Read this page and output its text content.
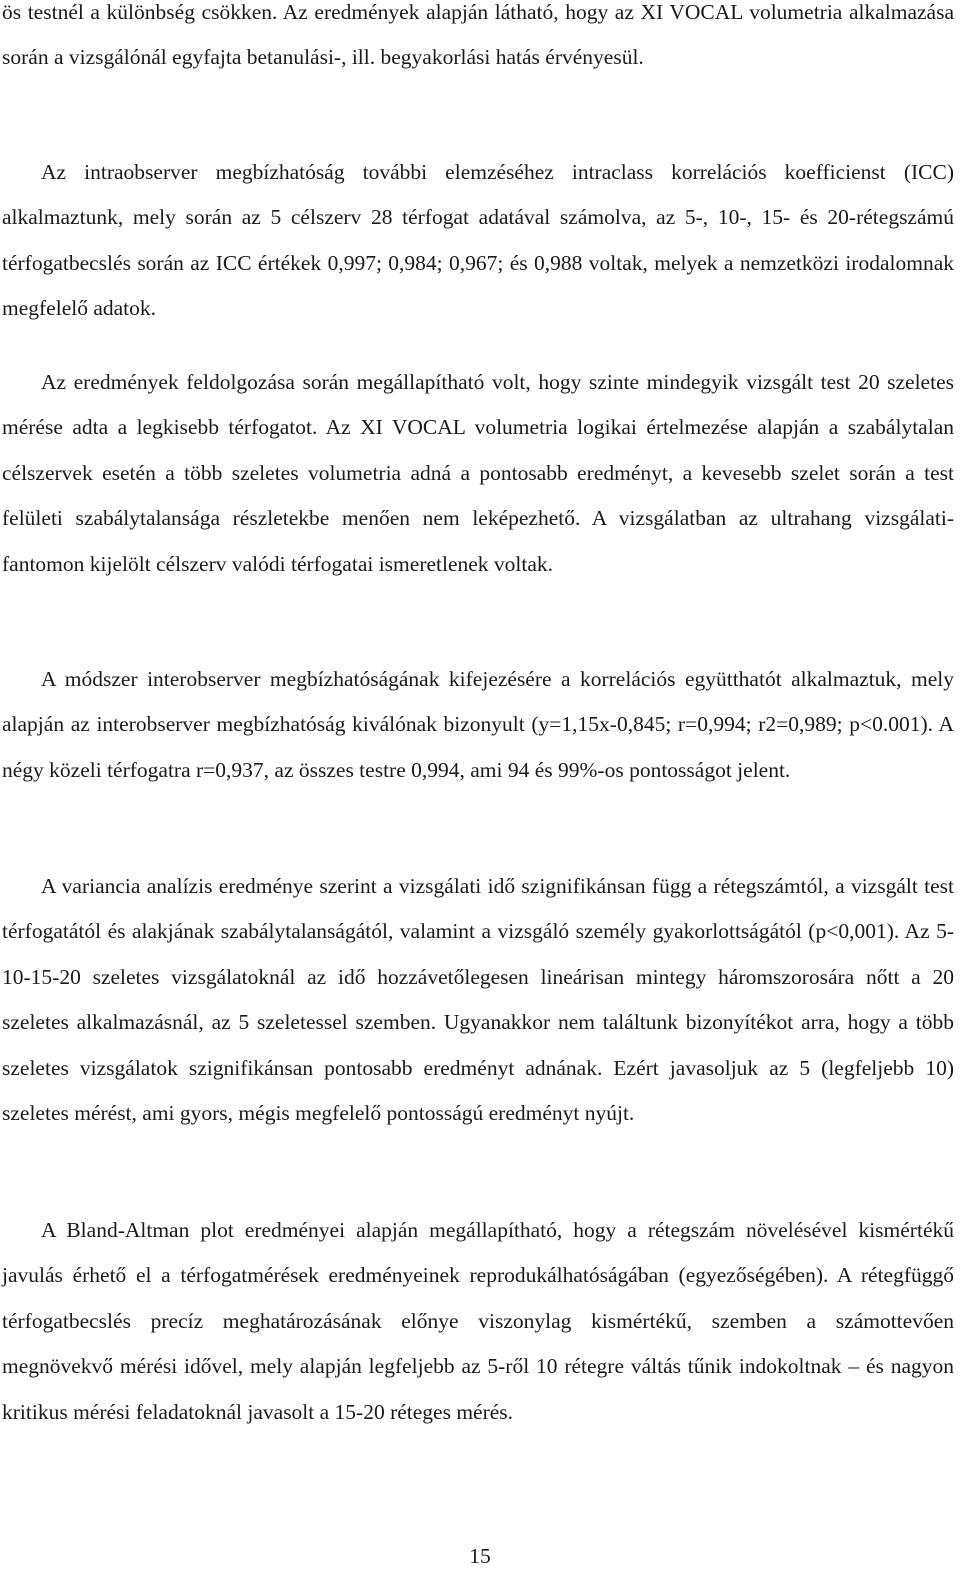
ös testnél a különbség csökken. Az eredmények alapján látható, hogy az XI VOCAL volumetria alkalmazása során a vizsgálónál egyfajta betanulási-, ill. begyakorlási hatás érvényesül.

Az intraobserver megbízhatóság további elemzéséhez intraclass korrelációs koefficienst (ICC) alkalmaztunk, mely során az 5 célszerv 28 térfogat adatával számolva, az 5-, 10-, 15- és 20-rétegszámú térfogatbecslés során az ICC értékek 0,997; 0,984; 0,967; és 0,988 voltak, melyek a nemzetközi irodalomnak megfelelő adatok.

Az eredmények feldolgozása során megállapítható volt, hogy szinte mindegyik vizsgált test 20 szeletes mérése adta a legkisebb térfogatot. Az XI VOCAL volumetria logikai értelmezése alapján a szabálytalan célszervek esetén a több szeletes volumetria adná a pontosabb eredményt, a kevesebb szelet során a test felületi szabálytalansága részletekbe menően nem leképezhető. A vizsgálatban az ultrahang vizsgálati-fantomon kijelölt célszerv valódi térfogatai ismeretlenek voltak.

A módszer interobserver megbízhatóságának kifejezésére a korrelációs együtthatót alkalmaztuk, mely alapján az interobserver megbízhatóság kiválónak bizonyult (y=1,15x-0,845; r=0,994; r2=0,989; p<0.001). A négy közeli térfogatra r=0,937, az összes testre 0,994, ami 94 és 99%-os pontosságot jelent.

A variancia analízis eredménye szerint a vizsgálati idő szignifikánsan függ a rétegszámtól, a vizsgált test térfogatától és alakjának szabálytalanságától, valamint a vizsgáló személy gyakorlottságától (p<0,001). Az 5-10-15-20 szeletes vizsgálatoknál az idő hozzávetőlegesen lineárisan mintegy háromszorosára nőtt a 20 szeletes alkalmazásnál, az 5 szeletessel szemben. Ugyanakkor nem találtunk bizonyítékot arra, hogy a több szeletes vizsgálatok szignifikánsan pontosabb eredményt adnának. Ezért javasoljuk az 5 (legfeljebb 10) szeletes mérést, ami gyors, mégis megfelelő pontosságú eredményt nyújt.

A Bland-Altman plot eredményei alapján megállapítható, hogy a rétegszám növelésével kismértékű javulás érhető el a térfogatmérések eredményeinek reprodukálhatóságában (egyezőségében). A rétegfüggő térfogatbecslés precíz meghatározásának előnye viszonylag kismértékű, szemben a számottevően megnövekvő mérési idővel, mely alapján legfeljebb az 5-ről 10 rétegre váltás tűnik indokoltnak – és nagyon kritikus mérési feladatoknál javasolt a 15-20 réteges mérés.

15
